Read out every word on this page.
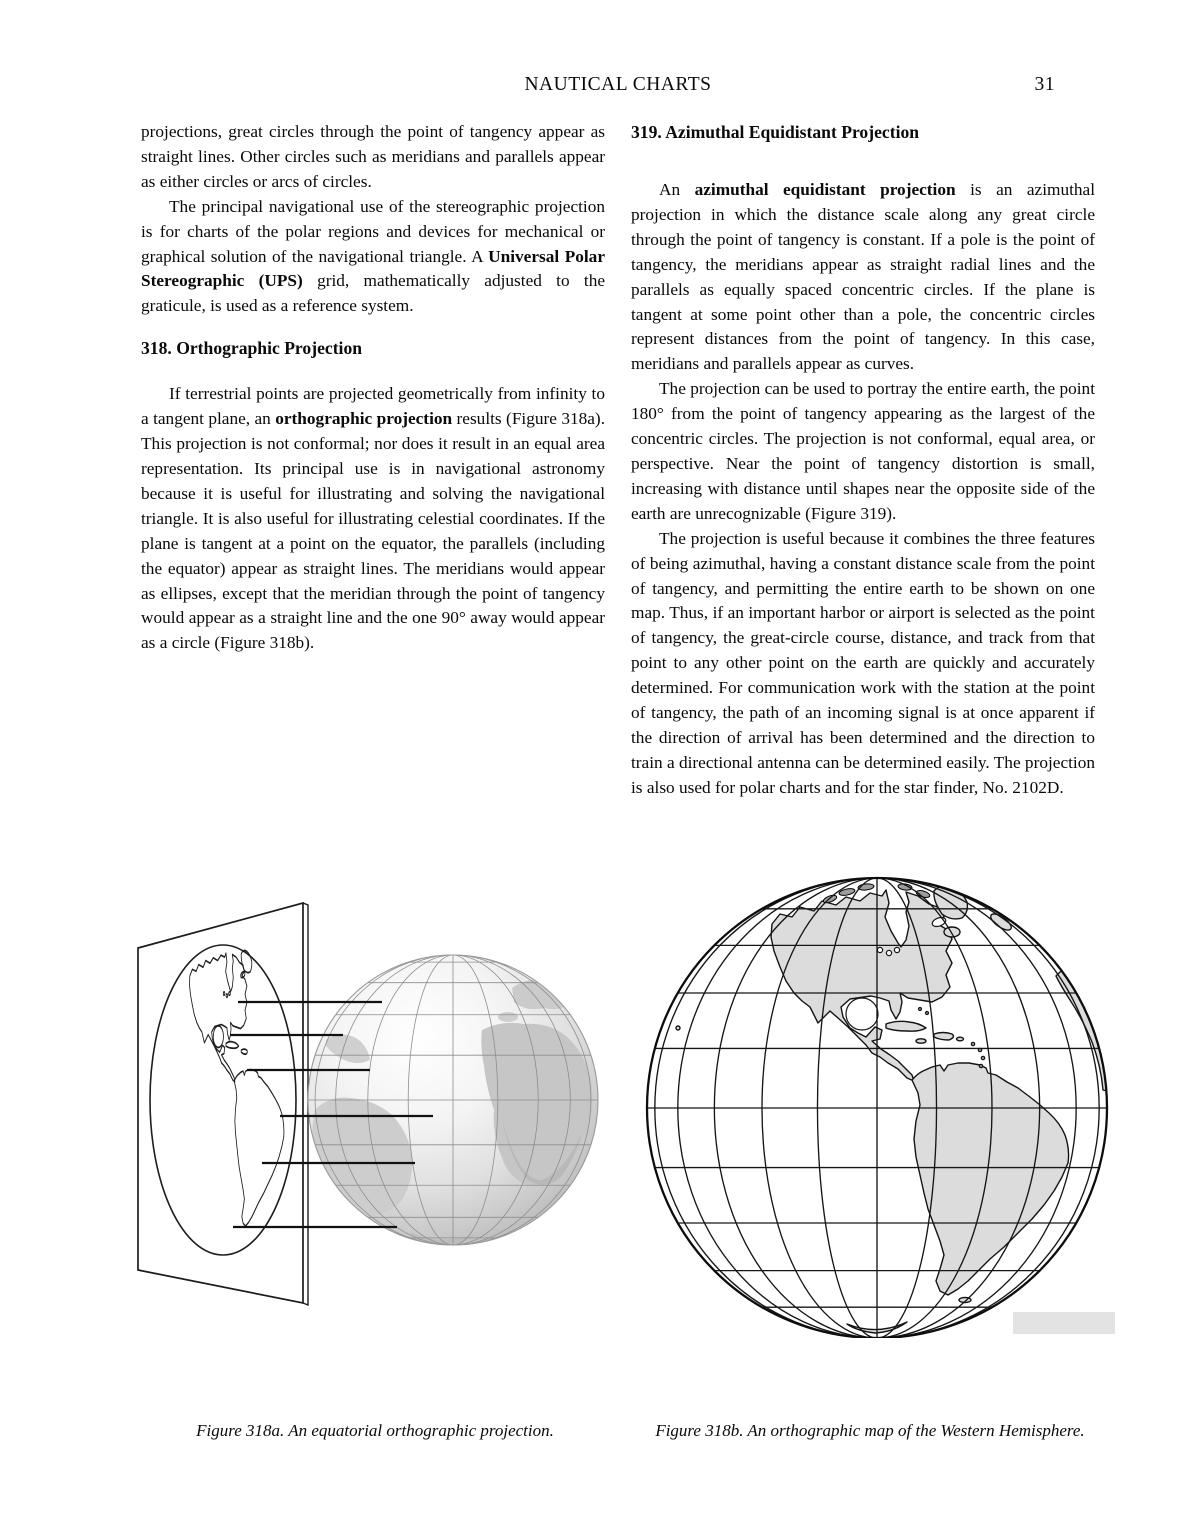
NAUTICAL CHARTS	31

projections, great circles through the point of tangency appear as straight lines. Other circles such as meridians and parallels appear as either circles or arcs of circles.

The principal navigational use of the stereographic projection is for charts of the polar regions and devices for mechanical or graphical solution of the navigational triangle. A Universal Polar Stereographic (UPS) grid, mathematically adjusted to the graticule, is used as a reference system.

318. Orthographic Projection

If terrestrial points are projected geometrically from infinity to a tangent plane, an orthographic projection results (Figure 318a). This projection is not conformal; nor does it result in an equal area representation. Its principal use is in navigational astronomy because it is useful for illustrating and solving the navigational triangle. It is also useful for illustrating celestial coordinates. If the plane is tangent at a point on the equator, the parallels (including the equator) appear as straight lines. The meridians would appear as ellipses, except that the meridian through the point of tangency would appear as a straight line and the one 90° away would appear as a circle (Figure 318b).

319. Azimuthal Equidistant Projection

An azimuthal equidistant projection is an azimuthal projection in which the distance scale along any great circle through the point of tangency is constant. If a pole is the point of tangency, the meridians appear as straight radial lines and the parallels as equally spaced concentric circles. If the plane is tangent at some point other than a pole, the concentric circles represent distances from the point of tangency. In this case, meridians and parallels appear as curves.

The projection can be used to portray the entire earth, the point 180° from the point of tangency appearing as the largest of the concentric circles. The projection is not conformal, equal area, or perspective. Near the point of tangency distortion is small, increasing with distance until shapes near the opposite side of the earth are unrecognizable (Figure 319).

The projection is useful because it combines the three features of being azimuthal, having a constant distance scale from the point of tangency, and permitting the entire earth to be shown on one map. Thus, if an important harbor or airport is selected as the point of tangency, the great-circle course, distance, and track from that point to any other point on the earth are quickly and accurately determined. For communication work with the station at the point of tangency, the path of an incoming signal is at once apparent if the direction of arrival has been determined and the direction to train a directional antenna can be determined easily. The projection is also used for polar charts and for the star finder, No. 2102D.

Figure 318a. An equatorial orthographic projection.	Figure 318b. An orthographic map of the Western Hemisphere.
